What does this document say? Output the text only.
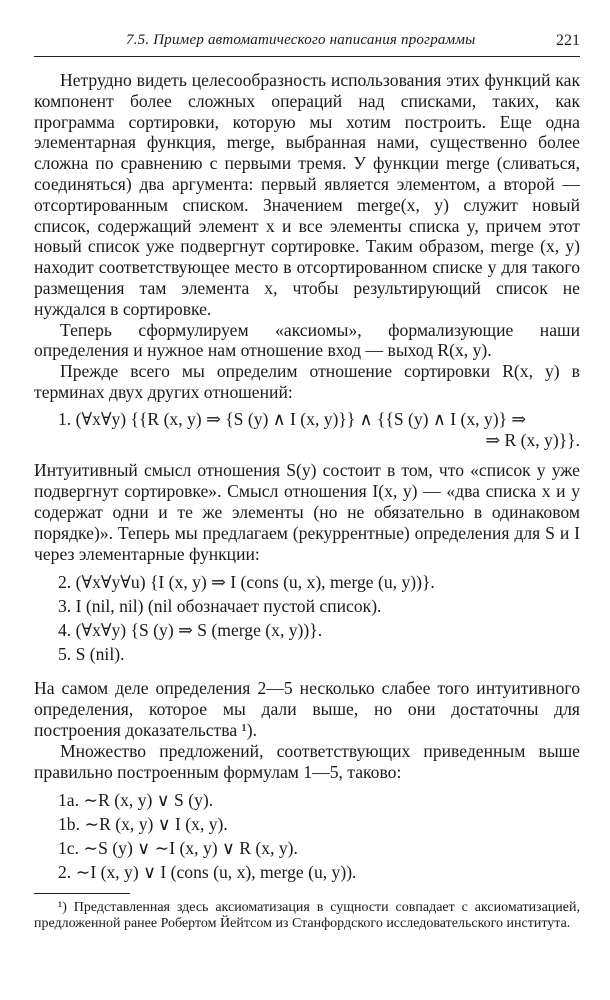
7.5. Пример автоматического написания программы	221

Нетрудно видеть целесообразность использования этих функций как компонент более сложных операций над списками, таких, как программа сортировки, которую мы хотим построить. Еще одна элементарная функция, merge, выбранная нами, существенно более сложна по сравнению с первыми тремя. У функции merge (сливаться, соединяться) два аргумента: первый является элементом, а второй — отсортированным списком. Значением merge(x, y) служит новый список, содержащий элемент x и все элементы списка y, причем этот новый список уже подвергнут сортировке. Таким образом, merge (x, y) находит соответствующее место в отсортированном списке y для такого размещения там элемента x, чтобы результирующий список не нуждался в сортировке.

Теперь сформулируем «аксиомы», формализующие наши определения и нужное нам отношение вход — выход R(x, y).

Прежде всего мы определим отношение сортировки R(x, y) в терминах двух других отношений:

1. (∀x∀y) {{R (x, y) ⇒ {S (y) ∧ I (x, y)}} ∧ {{S (y) ∧ I (x, y)} ⇒

⇒ R (x, y)}}.

Интуитивный смысл отношения S(y) состоит в том, что «список y уже подвергнут сортировке». Смысл отношения I(x, y) — «два списка x и y содержат одни и те же элементы (но не обязательно в одинаковом порядке)». Теперь мы предлагаем (рекуррентные) определения для S и I через элементарные функции:

2. (∀x∀y∀u) {I (x, y) ⇒ I (cons (u, x), merge (u, y))}.

3. I (nil, nil) (nil обозначает пустой список).

4. (∀x∀y) {S (y) ⇒ S (merge (x, y))}.

5. S (nil).

На самом деле определения 2—5 несколько слабее того интуитивного определения, которое мы дали выше, но они достаточны для построения доказательства ¹).

Множество предложений, соответствующих приведенным выше правильно построенным формулам 1—5, таково:

1a. ∼R (x, y) ∨ S (y).

1b. ∼R (x, y) ∨ I (x, y).

1c. ∼S (y) ∨ ∼I (x, y) ∨ R (x, y).

2. ∼I (x, y) ∨ I (cons (u, x), merge (u, y)).

¹) Представленная здесь аксиоматизация в сущности совпадает с аксиоматизацией, предложенной ранее Робертом Йейтсом из Станфордского исследовательского института.
